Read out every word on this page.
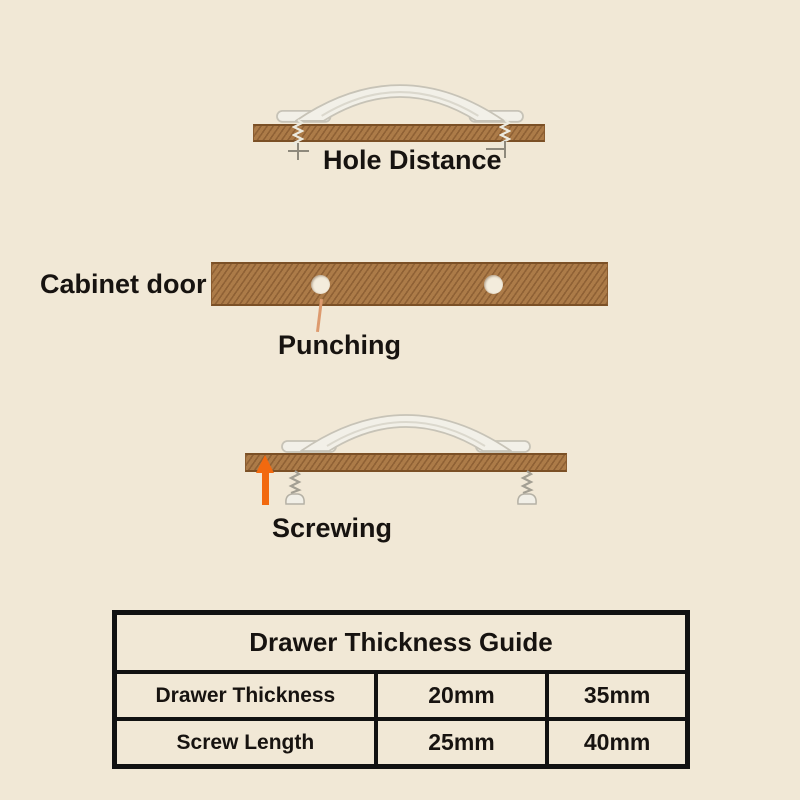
Hole Distance
Cabinet door
Punching
Screwing
Drawer Thickness Guide
Drawer Thickness	20mm	35mm
Screw Length	25mm	40mm
